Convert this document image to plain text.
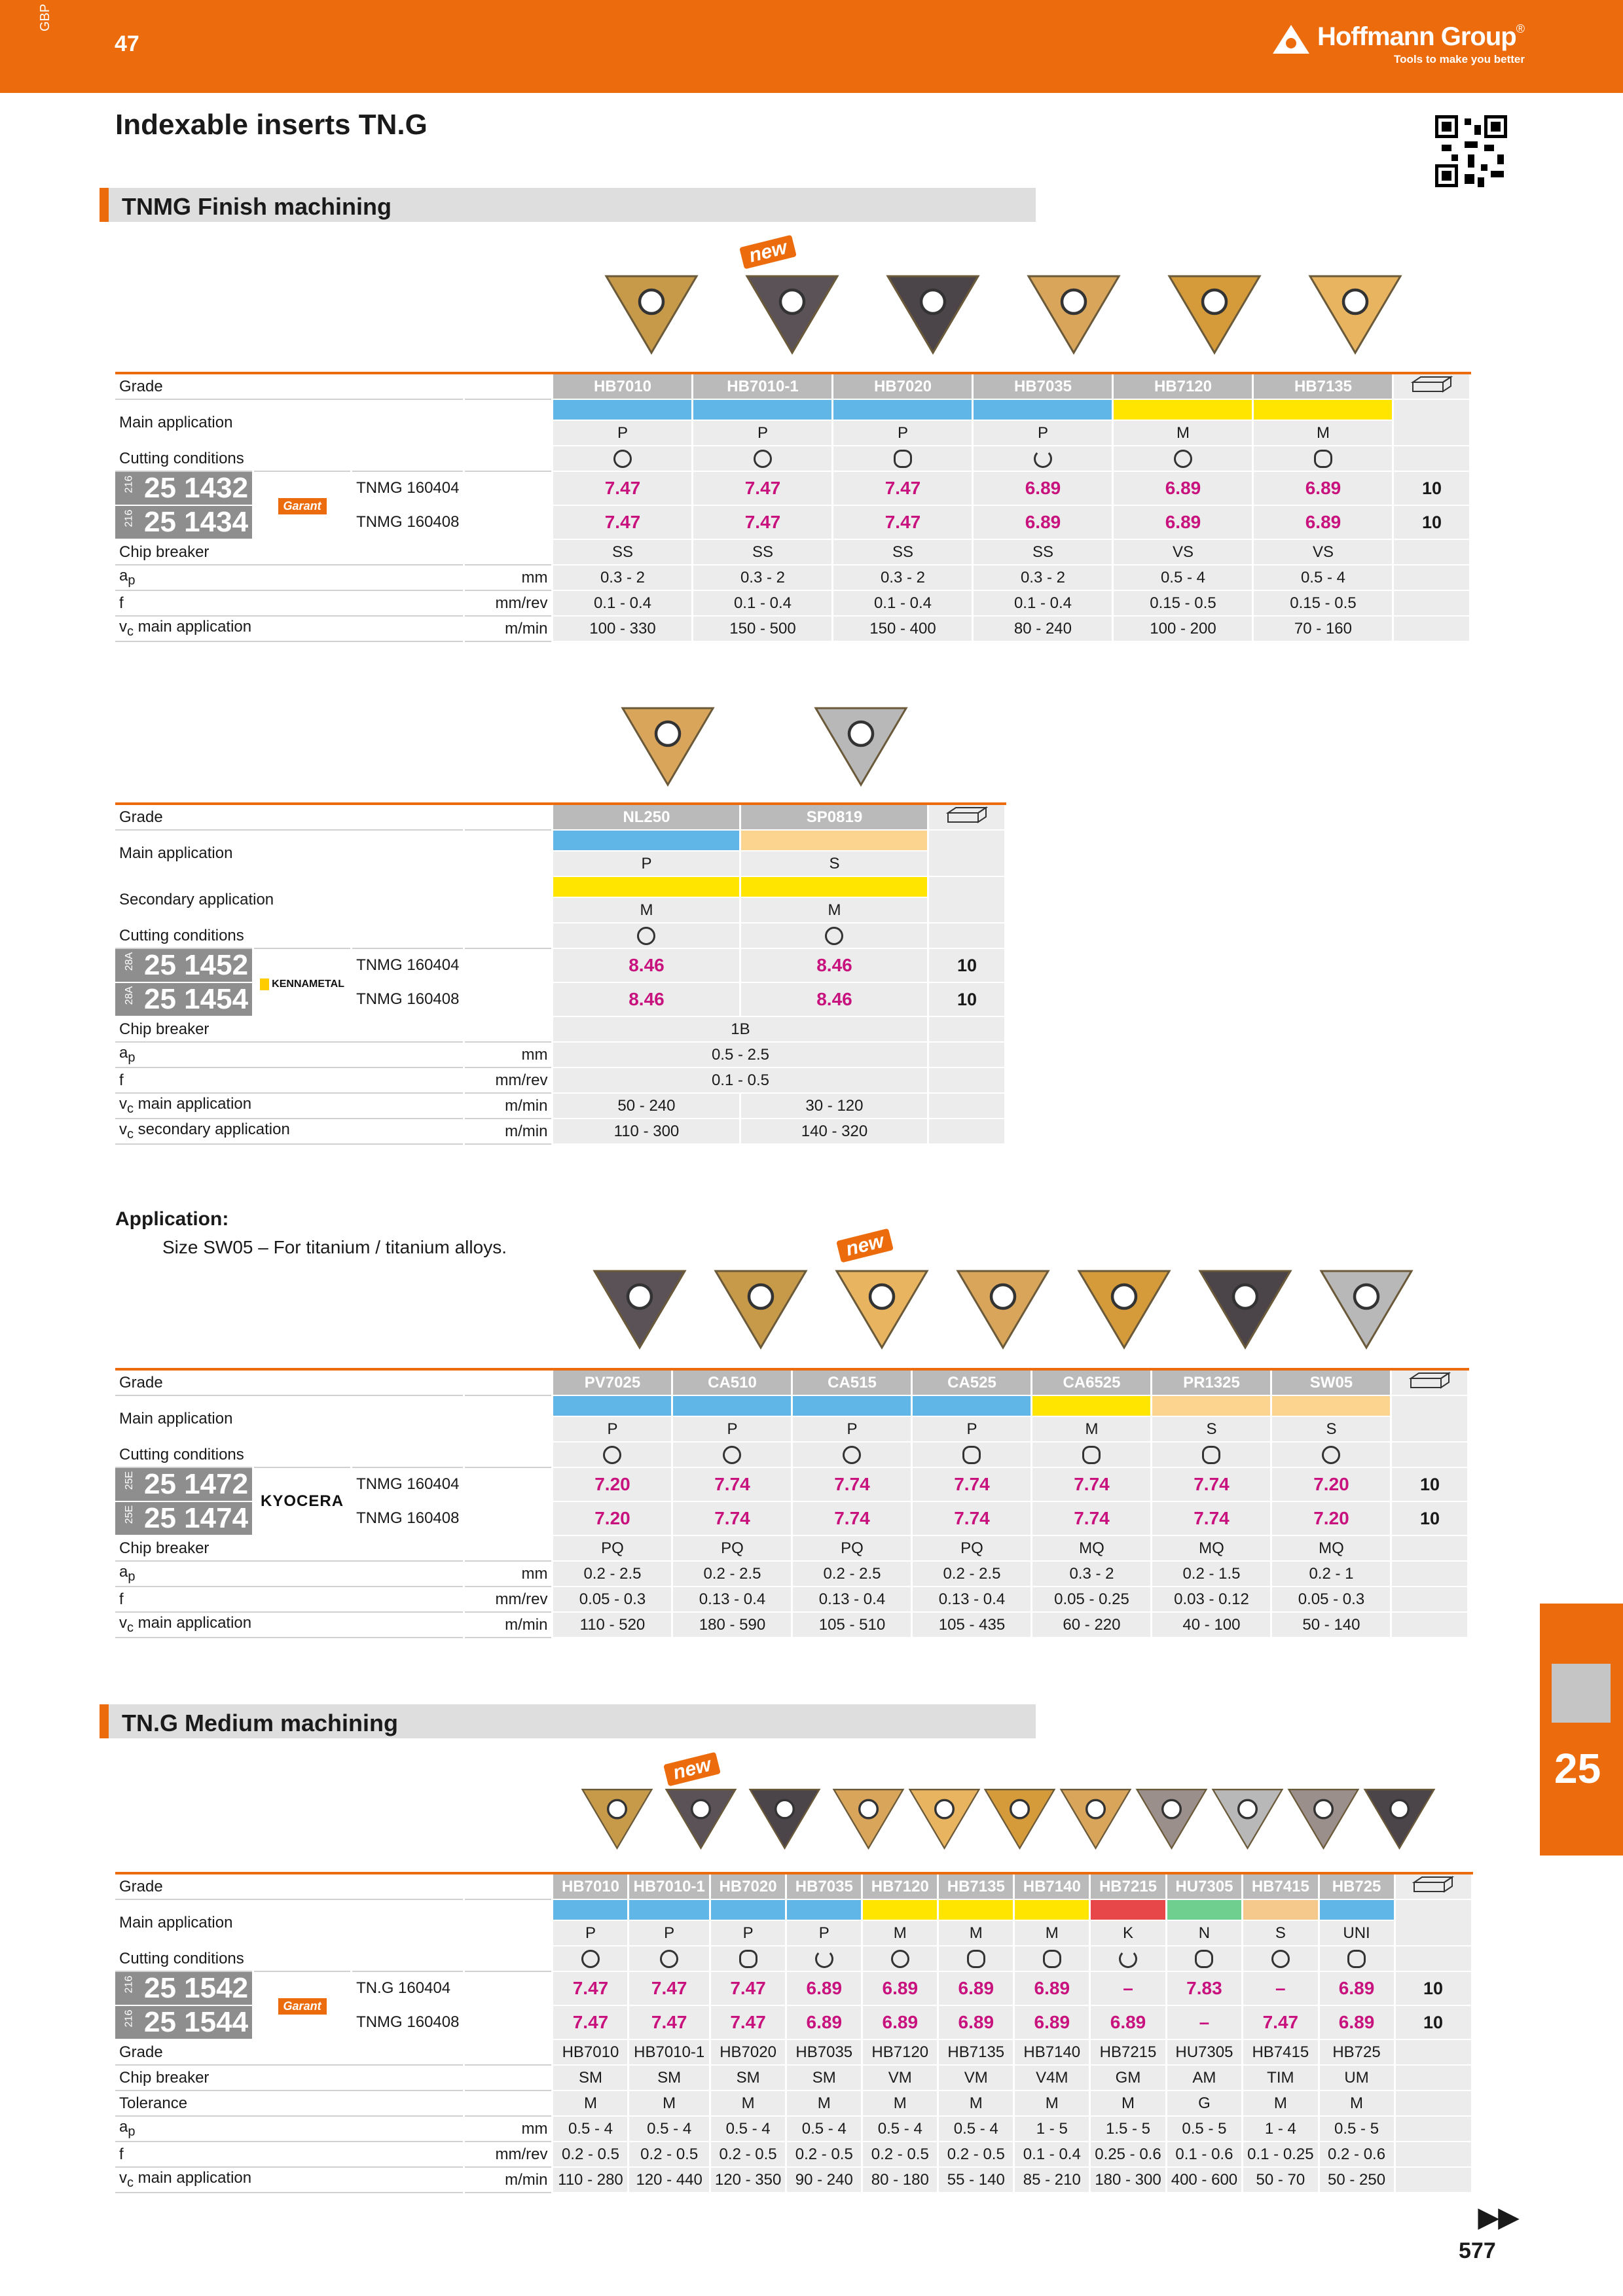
GBP
47	Hoffmann Group®
Tools to make you better
Indexable inserts TN.G
TNMG Finish machining
new
Grade				HB7010	HB7010-1	HB7020	HB7035	HB7120	HB7135	
Main application										
				P	P	P	P	M	M	
Cutting conditions										

216 25 1432	Garant	TNMG 160404		7.47	7.47	7.47	6.89	6.89	6.89	10

216 25 1434		TNMG 160408		7.47	7.47	7.47	6.89	6.89	6.89	10
Chip breaker				SS	SS	SS	SS	VS	VS	
$a_p$			mm	0.3 - 2	0.3 - 2	0.3 - 2	0.3 - 2	0.5 - 4	0.5 - 4	
f			mm/rev	0.1 - 0.4	0.1 - 0.4	0.1 - 0.4	0.1 - 0.4	0.15 - 0.5	0.15 - 0.5	
$v_c$ main application			m/min	100 - 330	150 - 500	150 - 400	80 - 240	100 - 200	70 - 160	
Grade				NL250	SP0819	
Main application						
				P	S	
Secondary application						
				M	M	
Cutting conditions						

28A 25 1452	KENNAMETAL	TNMG 160404		8.46	8.46	10

28A 25 1454		TNMG 160408		8.46	8.46	10
Chip breaker				1B		
$a_p$			mm	0.5 - 2.5		
f			mm/rev	0.1 - 0.5		
$v_c$ main application			m/min	50 - 240	30 - 120	
$v_c$ secondary application			m/min	110 - 300	140 - 320	
Application:
Size SW05 – For titanium / titanium alloys.	new
Grade				PV7025	CA510	CA515	CA525	CA6525	PR1325	SW05	
Main application											
				P	P	P	P	M	S	S	
Cutting conditions											

25E 25 1472	KYOCERA	TNMG 160404		7.20	7.74	7.74	7.74	7.74	7.74	7.20	10

25E 25 1474		TNMG 160408		7.20	7.74	7.74	7.74	7.74	7.74	7.20	10
Chip breaker				PQ	PQ	PQ	PQ	MQ	MQ	MQ	
$a_p$			mm	0.2 - 2.5	0.2 - 2.5	0.2 - 2.5	0.2 - 2.5	0.3 - 2	0.2 - 1.5	0.2 - 1	
f			mm/rev	0.05 - 0.3	0.13 - 0.4	0.13 - 0.4	0.13 - 0.4	0.05 - 0.25	0.03 - 0.12	0.05 - 0.3	
$v_c$ main application			m/min	110 - 520	180 - 590	105 - 510	105 - 435	60 - 220	40 - 100	50 - 140	
TN.G Medium machining
new
Grade				HB7010	HB7010-1	HB7020	HB7035	HB7120	HB7135	HB7140	HB7215	HU7305	HB7415	HB725	
Main application															
				P	P	P	P	M	M	M	K	N	S	UNI	
Cutting conditions															

216 25 1542	Garant	TN.G 160404		7.47	7.47	7.47	6.89	6.89	6.89	6.89	–	7.83	–	6.89	10

216 25 1544		TNMG 160408		7.47	7.47	7.47	6.89	6.89	6.89	6.89	6.89	–	7.47	6.89	10
Grade				HB7010	HB7010-1	HB7020	HB7035	HB7120	HB7135	HB7140	HB7215	HU7305	HB7415	HB725	
Chip breaker				SM	SM	SM	SM	VM	VM	V4M	GM	AM	TIM	UM	
Tolerance				M	M	M	M	M	M	M	M	G	M	M	
$a_p$			mm	0.5 - 4	0.5 - 4	0.5 - 4	0.5 - 4	0.5 - 4	0.5 - 4	1 - 5	1.5 - 5	0.5 - 5	1 - 4	0.5 - 5	
f			mm/rev	0.2 - 0.5	0.2 - 0.5	0.2 - 0.5	0.2 - 0.5	0.2 - 0.5	0.2 - 0.5	0.1 - 0.4	0.25 - 0.6	0.1 - 0.6	0.1 - 0.25	0.2 - 0.6	
$v_c$ main application			m/min	110 - 280	120 - 440	120 - 350	90 - 240	80 - 180	55 - 140	85 - 210	180 - 300	400 - 600	50 - 70	50 - 250	
25
▶▶
577
